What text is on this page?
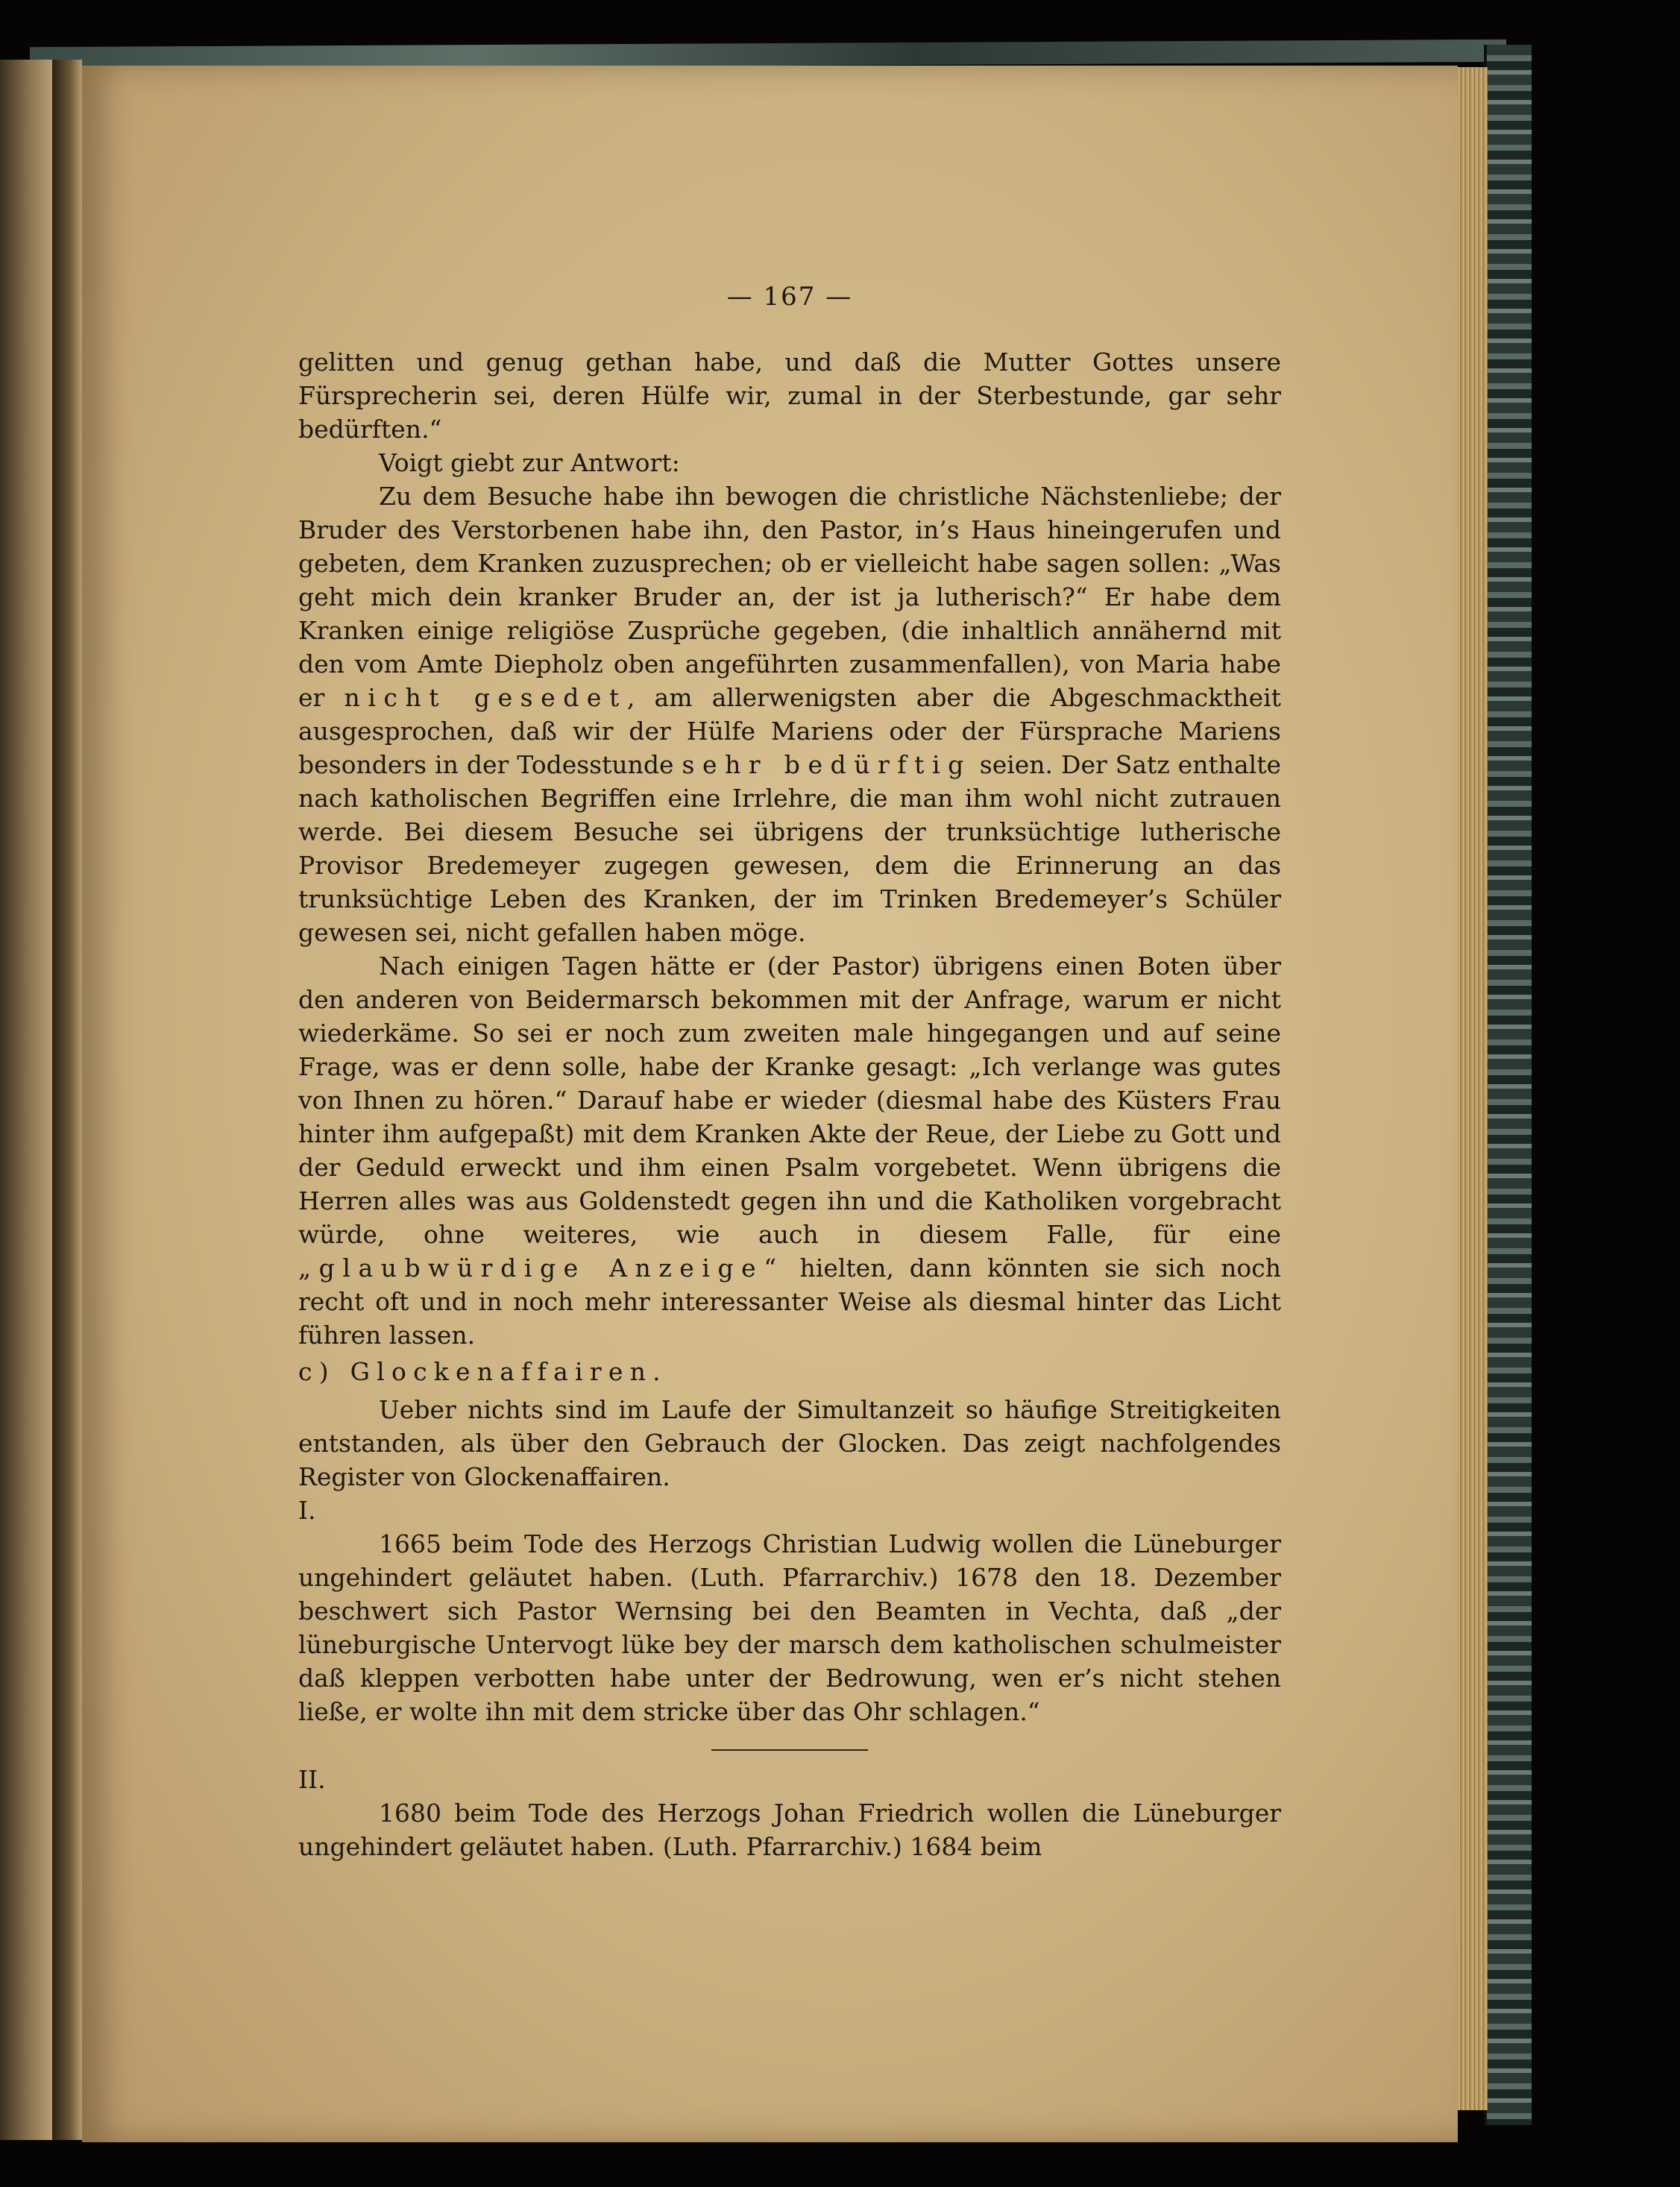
— 167 —

gelitten und genug gethan habe, und daß die Mutter Gottes unsere Fürsprecherin sei, deren Hülfe wir, zumal in der Sterbestunde, gar sehr bedürften.“

Voigt giebt zur Antwort:

Zu dem Besuche habe ihn bewogen die christliche Nächstenliebe; der Bruder des Verstorbenen habe ihn, den Pastor, in’s Haus hineingerufen und gebeten, dem Kranken zuzusprechen; ob er vielleicht habe sagen sollen: „Was geht mich dein kranker Bruder an, der ist ja lutherisch?“ Er habe dem Kranken einige religiöse Zusprüche gegeben, (die inhaltlich annähernd mit den vom Amte Diepholz oben angeführten zusammenfallen), von Maria habe er nicht gesedet, am allerwenigsten aber die Abgeschmacktheit ausgesprochen, daß wir der Hülfe Mariens oder der Fürsprache Mariens besonders in der Todesstunde sehr bedürftig seien. Der Satz enthalte nach katholischen Begriffen eine Irrlehre, die man ihm wohl nicht zutrauen werde. Bei diesem Besuche sei übrigens der trunksüchtige lutherische Provisor Bredemeyer zugegen gewesen, dem die Erinnerung an das trunksüchtige Leben des Kranken, der im Trinken Bredemeyer’s Schüler gewesen sei, nicht gefallen haben möge.

Nach einigen Tagen hätte er (der Pastor) übrigens einen Boten über den anderen von Beidermarsch bekommen mit der Anfrage, warum er nicht wiederkäme. So sei er noch zum zweiten male hingegangen und auf seine Frage, was er denn solle, habe der Kranke gesagt: „Ich verlange was gutes von Ihnen zu hören.“ Darauf habe er wieder (diesmal habe des Küsters Frau hinter ihm aufgepaßt) mit dem Kranken Akte der Reue, der Liebe zu Gott und der Geduld erweckt und ihm einen Psalm vorgebetet. Wenn übrigens die Herren alles was aus Goldenstedt gegen ihn und die Katholiken vorgebracht würde, ohne weiteres, wie auch in diesem Falle, für eine „glaubwürdige Anzeige“ hielten, dann könnten sie sich noch recht oft und in noch mehr interessanter Weise als diesmal hinter das Licht führen lassen.

c) Glockenaffairen.

Ueber nichts sind im Laufe der Simultanzeit so häufige Streitigkeiten entstanden, als über den Gebrauch der Glocken. Das zeigt nachfolgendes Register von Glockenaffairen.

I.

1665 beim Tode des Herzogs Christian Ludwig wollen die Lüneburger ungehindert geläutet haben. (Luth. Pfarrarchiv.) 1678 den 18. Dezember beschwert sich Pastor Wernsing bei den Beamten in Vechta, daß „der lüneburgische Untervogt lüke bey der marsch dem katholischen schulmeister daß kleppen verbotten habe unter der Bedrowung, wen er’s nicht stehen ließe, er wolte ihn mit dem stricke über das Ohr schlagen.“

II.

1680 beim Tode des Herzogs Johan Friedrich wollen die Lüneburger ungehindert geläutet haben. (Luth. Pfarrarchiv.) 1684 beim
